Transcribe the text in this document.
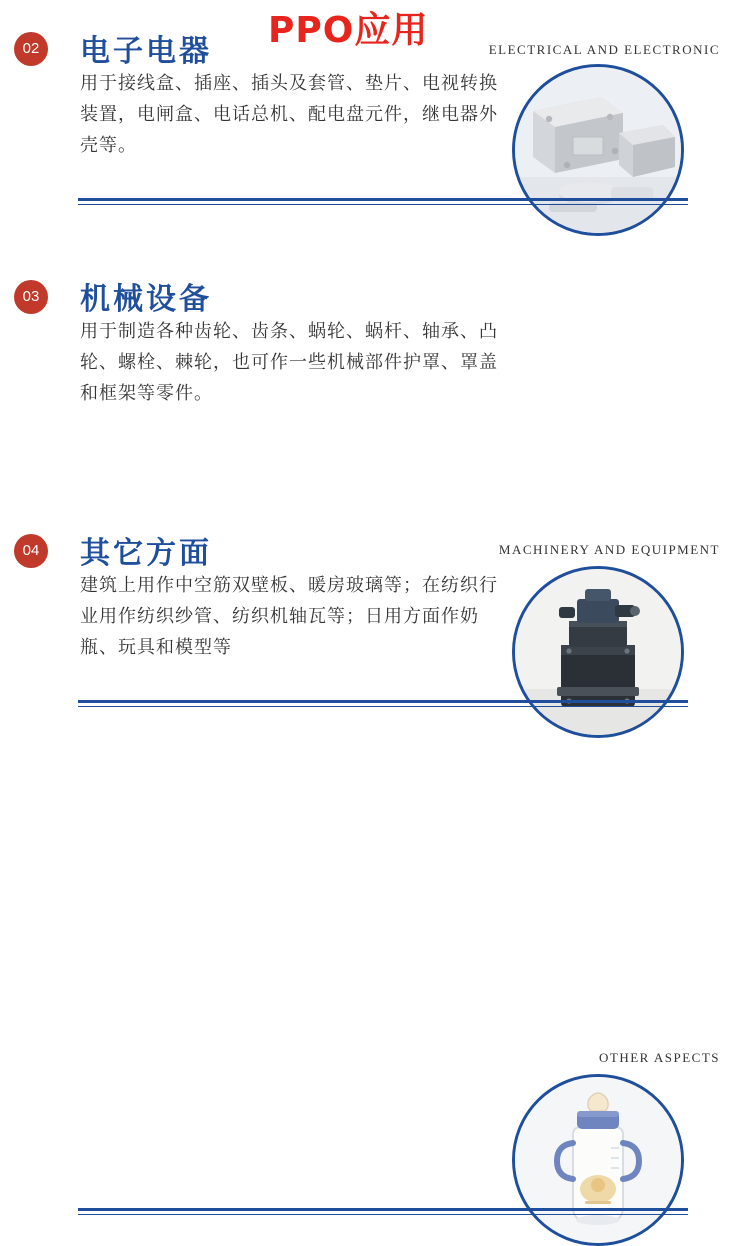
PPO应用
02 电子电器
用于接线盒、插座、插头及套管、垫片、电视转换装置，电闸盒、电话总机、配电盘元件，继电器外壳等。
ELECTRICAL AND ELECTRONIC
03 机械设备
用于制造各种齿轮、齿条、蜗轮、蜗杆、轴承、凸轮、螺栓、棘轮，也可作一些机械部件护罩、罩盖和框架等零件。
MACHINERY AND EQUIPMENT
04 其它方面
建筑上用作中空筋双壁板、暖房玻璃等；在纺织行业用作纺织纱管、纺织机轴瓦等；日用方面作奶瓶、玩具和模型等
OTHER ASPECTS
